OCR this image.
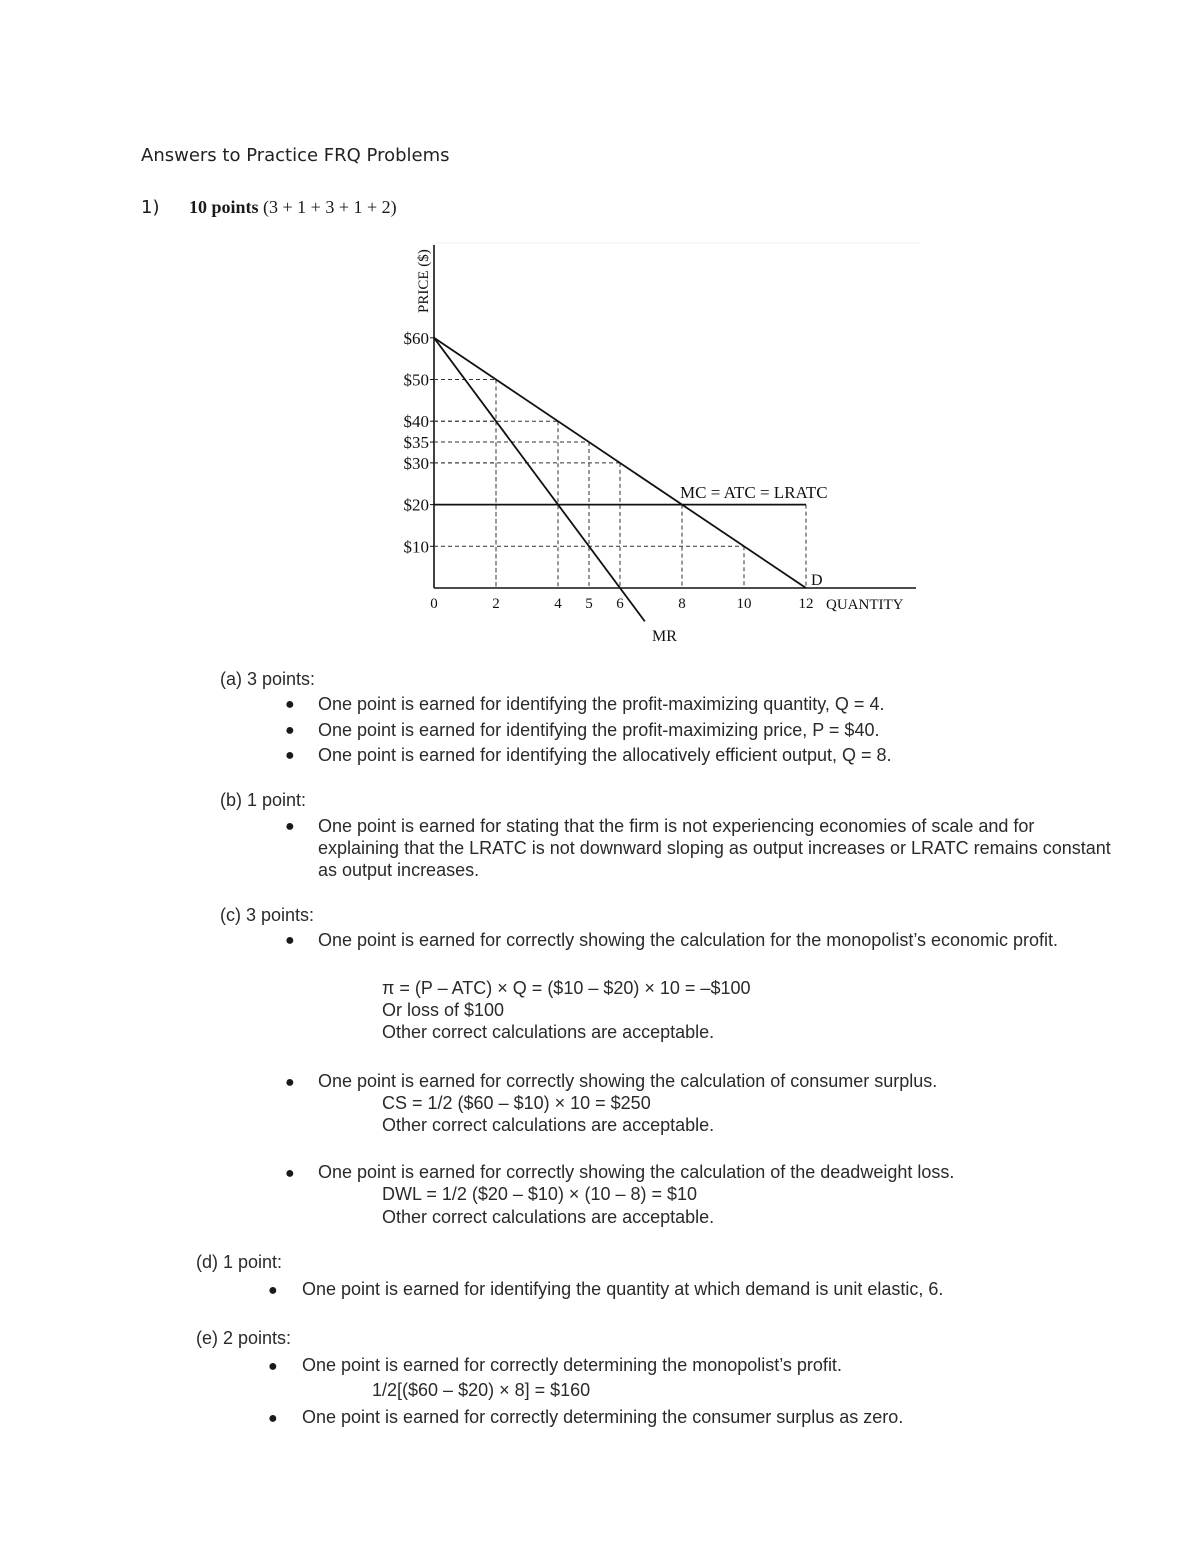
Answers to Practice FRQ Problems
1) 10 points (3 + 1 + 3 + 1 + 2)
$60
$50
$40
$35
$30
$20
$10
0	2	4 5 6	8	10	12 QUANTITY
PRICE ($)
MC = ATC = LRATC
D
MR
(a) 3 points:
● One point is earned for identifying the profit-maximizing quantity, Q = 4.
● One point is earned for identifying the profit-maximizing price, P = $40.
● One point is earned for identifying the allocatively efficient output, Q = 8.
(b) 1 point:
● One point is earned for stating that the firm is not experiencing economies of scale and for explaining that the LRATC is not downward sloping as output increases or LRATC remains constant as output increases.
(c) 3 points:
● One point is earned for correctly showing the calculation for the monopolist’s economic profit.
π = (P – ATC) × Q = ($10 – $20) × 10 = –$100
Or loss of $100
Other correct calculations are acceptable.
● One point is earned for correctly showing the calculation of consumer surplus.
CS = 1/2 ($60 – $10) × 10 = $250
Other correct calculations are acceptable.
● One point is earned for correctly showing the calculation of the deadweight loss.
DWL = 1/2 ($20 – $10) × (10 – 8) = $10
Other correct calculations are acceptable.
(d) 1 point:
● One point is earned for identifying the quantity at which demand is unit elastic, 6.
(e) 2 points:
● One point is earned for correctly determining the monopolist’s profit.
1/2[($60 – $20) × 8] = $160
● One point is earned for correctly determining the consumer surplus as zero.
